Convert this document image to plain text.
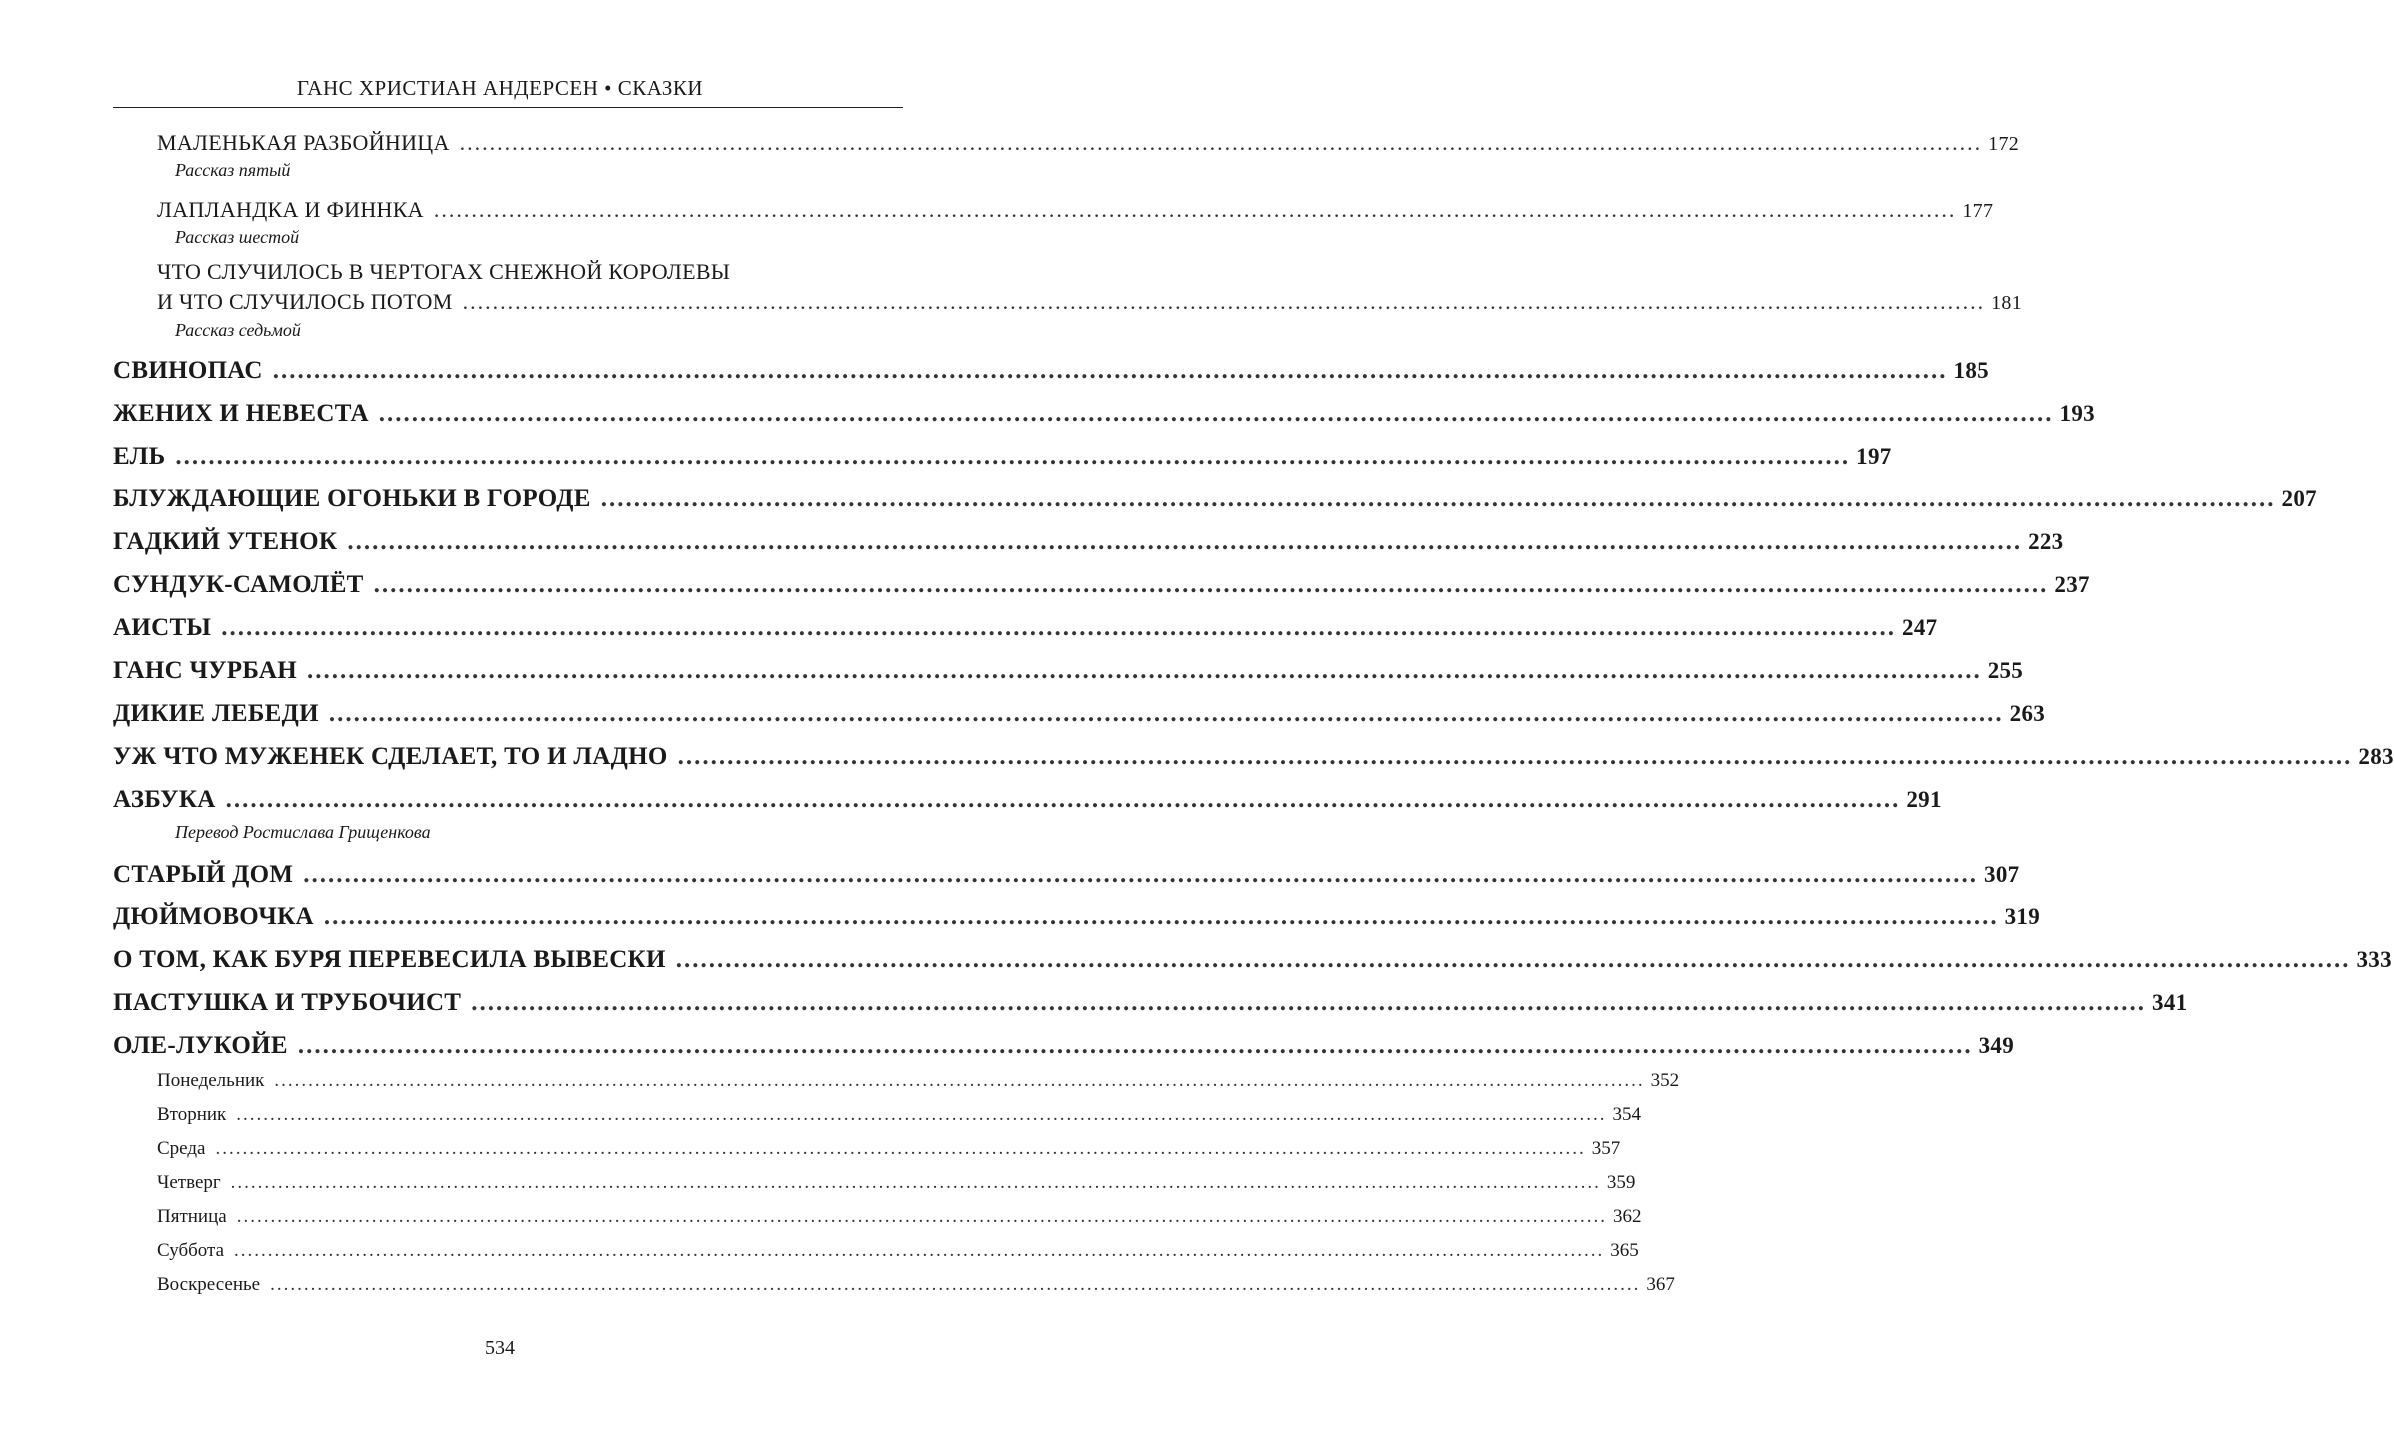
ГАНС ХРИСТИАН АНДЕРСЕН • СКАЗКИ
МАЛЕНЬКАЯ РАЗБОЙНИЦА ........................................................................................................................................................................................................... 172
Рассказ пятый
ЛАПЛАНДКА И ФИННКА ........................................................................................................................................................................................................... 177
Рассказ шестой
ЧТО СЛУЧИЛОСЬ В ЧЕРТОГАХ СНЕЖНОЙ КОРОЛЕВЫ
И ЧТО СЛУЧИЛОСЬ ПОТОМ ........................................................................................................................................................................................................... 181
Рассказ седьмой
СВИНОПАС ........................................................................................................................................................................................................... 185
ЖЕНИХ И НЕВЕСТА ........................................................................................................................................................................................................... 193
ЕЛЬ ........................................................................................................................................................................................................... 197
БЛУЖДАЮЩИЕ ОГОНЬКИ В ГОРОДЕ ........................................................................................................................................................................................................... 207
ГАДКИЙ УТЕНОК ........................................................................................................................................................................................................... 223
СУНДУК-САМОЛЁТ ........................................................................................................................................................................................................... 237
АИСТЫ ........................................................................................................................................................................................................... 247
ГАНС ЧУРБАН ........................................................................................................................................................................................................... 255
ДИКИЕ ЛЕБЕДИ ........................................................................................................................................................................................................... 263
УЖ ЧТО МУЖЕНЕК СДЕЛАЕТ, ТО И ЛАДНО ........................................................................................................................................................................................................... 283
АЗБУКА ........................................................................................................................................................................................................... 291
Перевод Ростислава Грищенкова
СТАРЫЙ ДОМ ........................................................................................................................................................................................................... 307
ДЮЙМОВОЧКА ........................................................................................................................................................................................................... 319
О ТОМ, КАК БУРЯ ПЕРЕВЕСИЛА ВЫВЕСКИ ........................................................................................................................................................................................................... 333
ПАСТУШКА И ТРУБОЧИСТ ........................................................................................................................................................................................................... 341
ОЛЕ-ЛУКОЙЕ ........................................................................................................................................................................................................... 349
Понедельник ........................................................................................................................................................................................................... 352
Вторник ........................................................................................................................................................................................................... 354
Среда ........................................................................................................................................................................................................... 357
Четверг ........................................................................................................................................................................................................... 359
Пятница ........................................................................................................................................................................................................... 362
Суббота ........................................................................................................................................................................................................... 365
Воскресенье ........................................................................................................................................................................................................... 367
534
